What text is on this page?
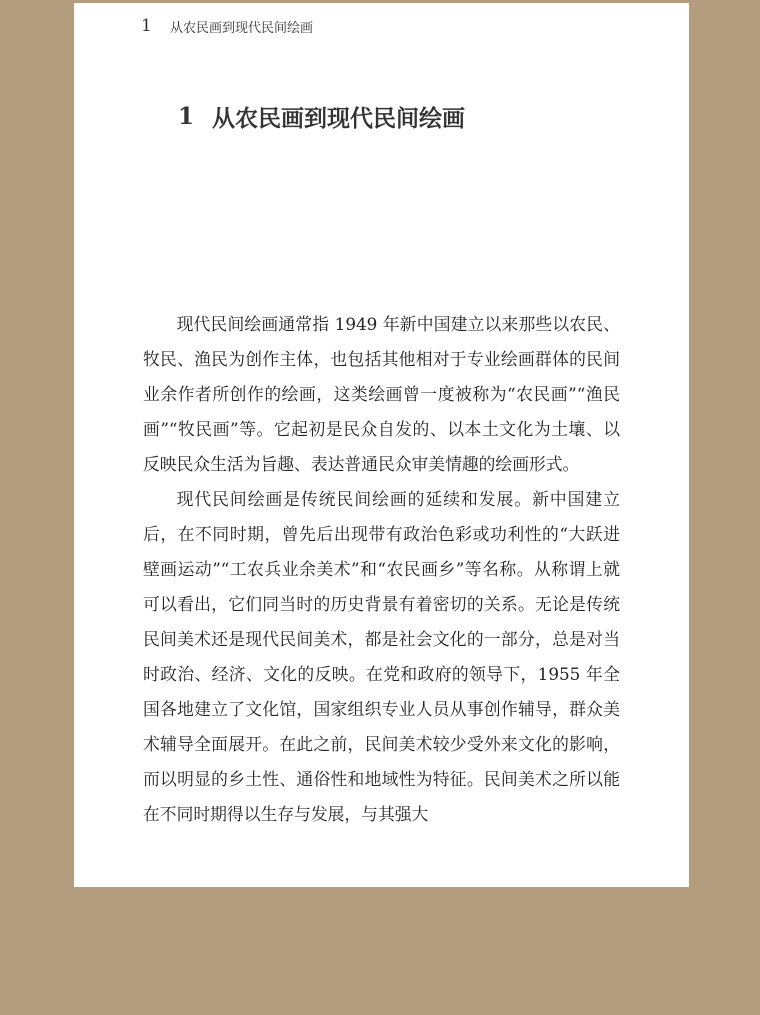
1	从农民画到现代民间绘画
1 从农民画到现代民间绘画

现代民间绘画通常指 1949 年新中国建立以来那些以农民、牧民、渔民为创作主体，也包括其他相对于专业绘画群体的民间业余作者所创作的绘画，这类绘画曾一度被称为“农民画”“渔民画”“牧民画”等。它起初是民众自发的、以本土文化为土壤、以反映民众生活为旨趣、表达普通民众审美情趣的绘画形式。

现代民间绘画是传统民间绘画的延续和发展。新中国建立后，在不同时期，曾先后出现带有政治色彩或功利性的“大跃进壁画运动”“工农兵业余美术”和“农民画乡”等名称。从称谓上就可以看出，它们同当时的历史背景有着密切的关系。无论是传统民间美术还是现代民间美术，都是社会文化的一部分，总是对当时政治、经济、文化的反映。在党和政府的领导下，1955 年全国各地建立了文化馆，国家组织专业人员从事创作辅导，群众美术辅导全面展开。在此之前，民间美术较少受外来文化的影响，而以明显的乡土性、通俗性和地域性为特征。民间美术之所以能在不同时期得以生存与发展，与其强大
